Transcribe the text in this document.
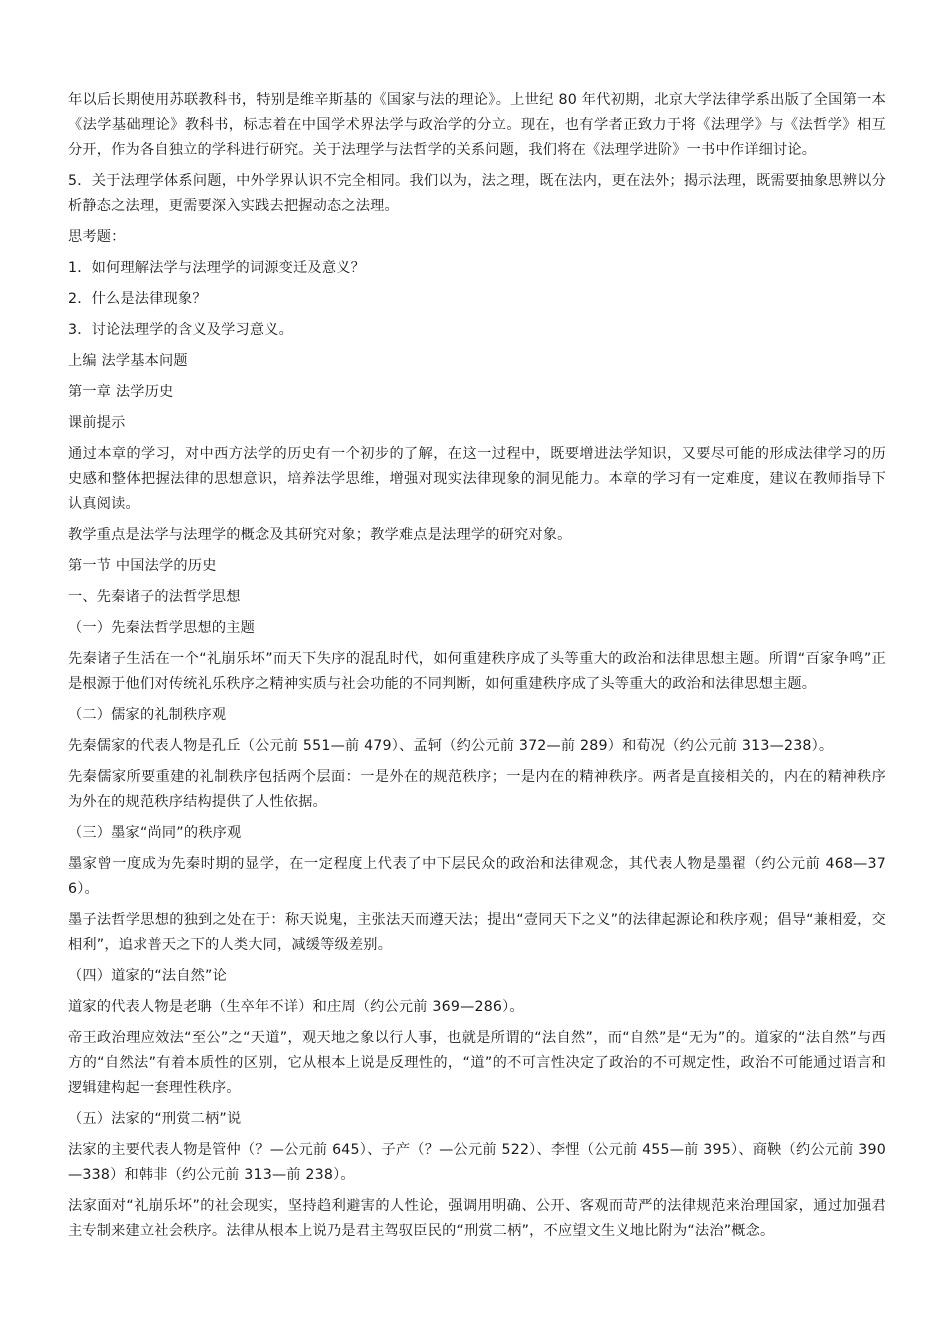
年以后长期使用苏联教科书，特别是维辛斯基的《国家与法的理论》。上世纪 80 年代初期，北京大学法律学系出版了全国第一本《法学基础理论》教科书，标志着在中国学术界法学与政治学的分立。现在，也有学者正致力于将《法理学》与《法哲学》相互分开，作为各自独立的学科进行研究。关于法理学与法哲学的关系问题，我们将在《法理学进阶》一书中作详细讨论。

5．关于法理学体系问题，中外学界认识不完全相同。我们以为，法之理，既在法内，更在法外；揭示法理，既需要抽象思辨以分析静态之法理，更需要深入实践去把握动态之法理。

思考题：

1．如何理解法学与法理学的词源变迁及意义？

2．什么是法律现象？

3．讨论法理学的含义及学习意义。

上编 法学基本问题

第一章 法学历史

课前提示

通过本章的学习，对中西方法学的历史有一个初步的了解，在这一过程中，既要增进法学知识，又要尽可能的形成法律学习的历史感和整体把握法律的思想意识，培养法学思维，增强对现实法律现象的洞见能力。本章的学习有一定难度，建议在教师指导下认真阅读。

教学重点是法学与法理学的概念及其研究对象；教学难点是法理学的研究对象。

第一节 中国法学的历史

一、先秦诸子的法哲学思想

（一）先秦法哲学思想的主题

先秦诸子生活在一个“礼崩乐坏”而天下失序的混乱时代，如何重建秩序成了头等重大的政治和法律思想主题。所谓“百家争鸣”正是根源于他们对传统礼乐秩序之精神实质与社会功能的不同判断，如何重建秩序成了头等重大的政治和法律思想主题。

（二）儒家的礼制秩序观

先秦儒家的代表人物是孔丘（公元前 551—前 479）、孟轲（约公元前 372—前 289）和荀况（约公元前 313—238）。

先秦儒家所要重建的礼制秩序包括两个层面：一是外在的规范秩序；一是内在的精神秩序。两者是直接相关的，内在的精神秩序为外在的规范秩序结构提供了人性依据。

（三）墨家“尚同”的秩序观

墨家曾一度成为先秦时期的显学，在一定程度上代表了中下层民众的政治和法律观念，其代表人物是墨翟（约公元前 468—376）。

墨子法哲学思想的独到之处在于：称天说鬼，主张法天而遵天法；提出“壹同天下之义”的法律起源论和秩序观；倡导“兼相爱，交相利”，追求普天之下的人类大同，减缓等级差别。

（四）道家的“法自然”论

道家的代表人物是老聃（生卒年不详）和庄周（约公元前 369—286）。

帝王政治理应效法“至公”之“天道”，观天地之象以行人事，也就是所谓的“法自然”，而“自然”是“无为”的。道家的“法自然”与西方的“自然法”有着本质性的区别，它从根本上说是反理性的，“道”的不可言性决定了政治的不可规定性，政治不可能通过语言和逻辑建构起一套理性秩序。

（五）法家的“刑赏二柄”说

法家的主要代表人物是管仲（？—公元前 645）、子产（？—公元前 522）、李悝（公元前 455—前 395）、商鞅（约公元前 390—338）和韩非（约公元前 313—前 238）。

法家面对“礼崩乐坏”的社会现实，坚持趋利避害的人性论，强调用明确、公开、客观而苛严的法律规范来治理国家，通过加强君主专制来建立社会秩序。法律从根本上说乃是君主驾驭臣民的“刑赏二柄”，不应望文生义地比附为“法治”概念。
